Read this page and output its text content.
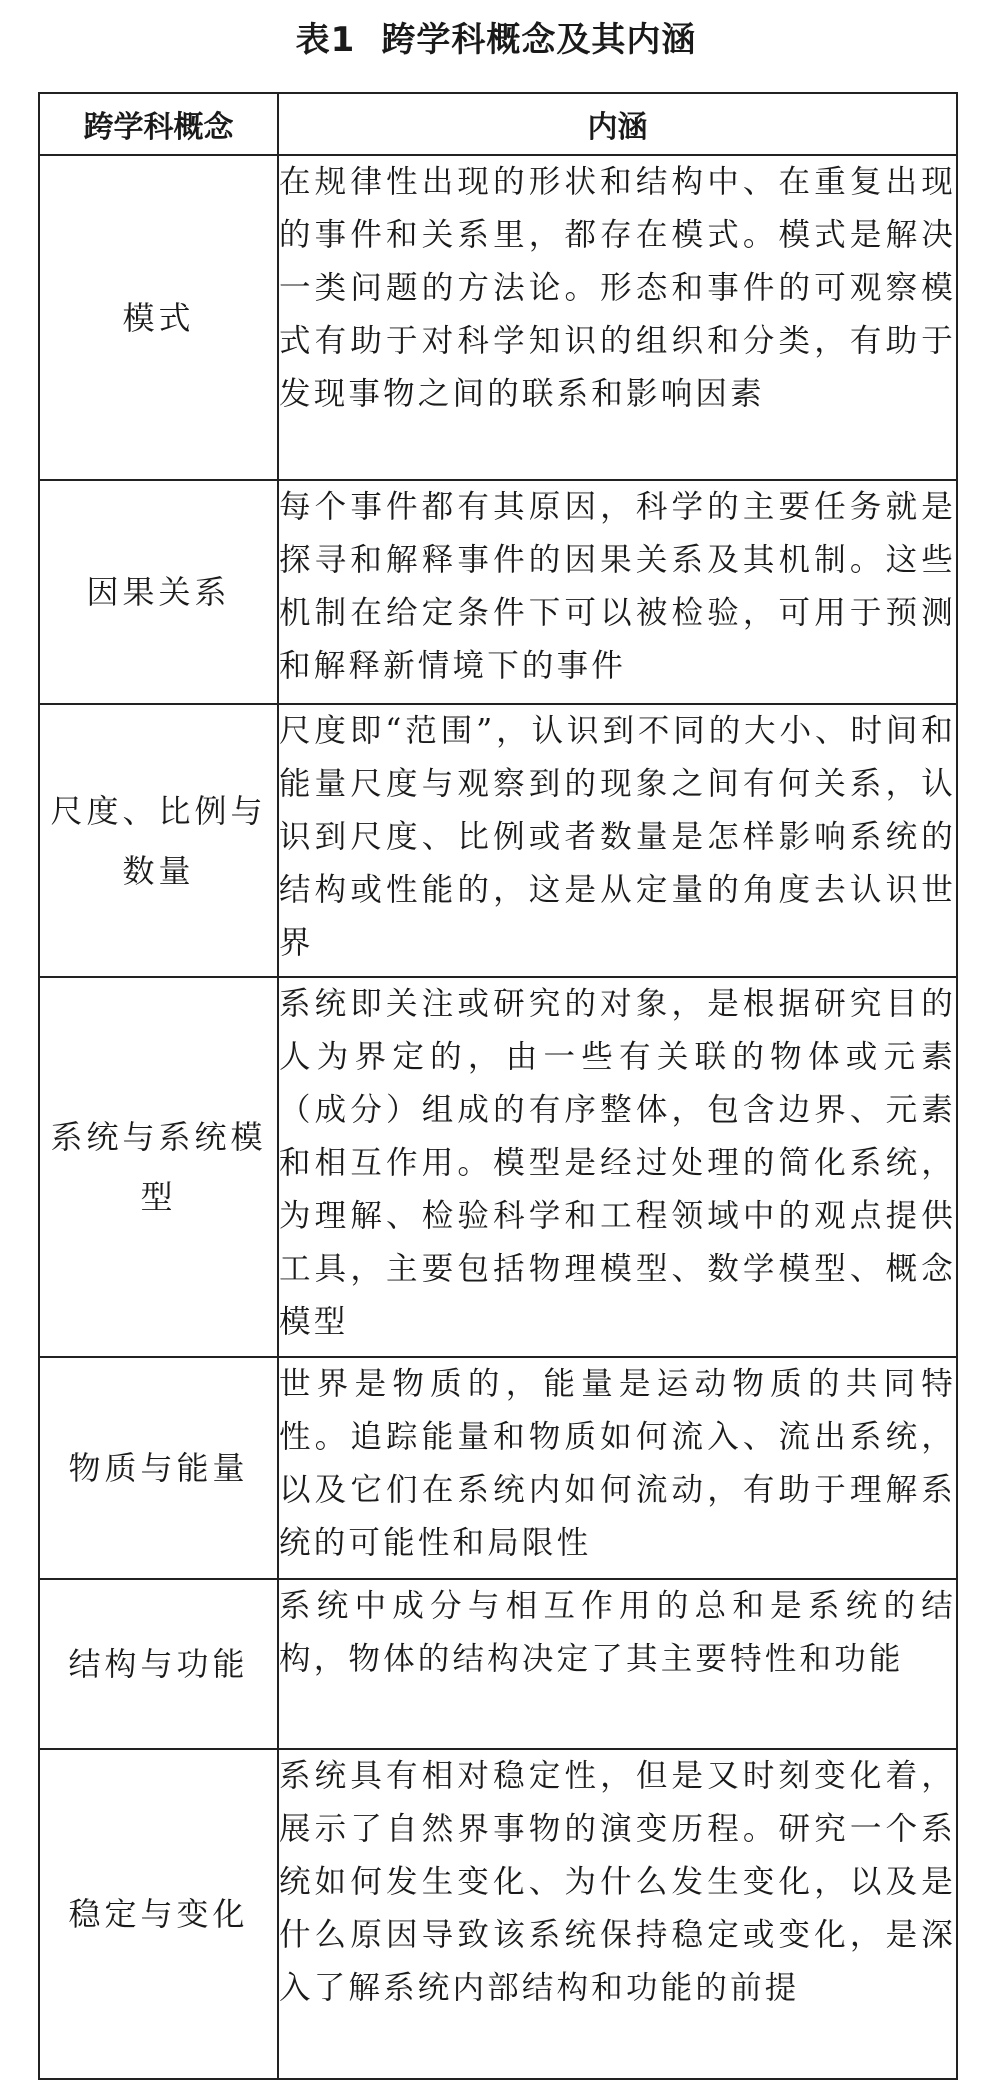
表1 跨学科概念及其内涵
跨学科概念	内涵
模式	在规律性出现的形状和结构中、在重复出现的事件和关系里，都存在模式。模式是解决一类问题的方法论。形态和事件的可观察模式有助于对科学知识的组织和分类，有助于发现事物之间的联系和影响因素
因果关系	每个事件都有其原因，科学的主要任务就是探寻和解释事件的因果关系及其机制。这些机制在给定条件下可以被检验，可用于预测和解释新情境下的事件
尺度、比例与数量	尺度即“范围”，认识到不同的大小、时间和能量尺度与观察到的现象之间有何关系，认识到尺度、比例或者数量是怎样影响系统的结构或性能的，这是从定量的角度去认识世界
系统与系统模型	系统即关注或研究的对象，是根据研究目的人为界定的，由一些有关联的物体或元素（成分）组成的有序整体，包含边界、元素和相互作用。模型是经过处理的简化系统，为理解、检验科学和工程领域中的观点提供工具，主要包括物理模型、数学模型、概念模型
物质与能量	世界是物质的，能量是运动物质的共同特性。追踪能量和物质如何流入、流出系统，以及它们在系统内如何流动，有助于理解系统的可能性和局限性
结构与功能	系统中成分与相互作用的总和是系统的结构，物体的结构决定了其主要特性和功能
稳定与变化	系统具有相对稳定性，但是又时刻变化着，展示了自然界事物的演变历程。研究一个系统如何发生变化、为什么发生变化，以及是什么原因导致该系统保持稳定或变化，是深入了解系统内部结构和功能的前提
